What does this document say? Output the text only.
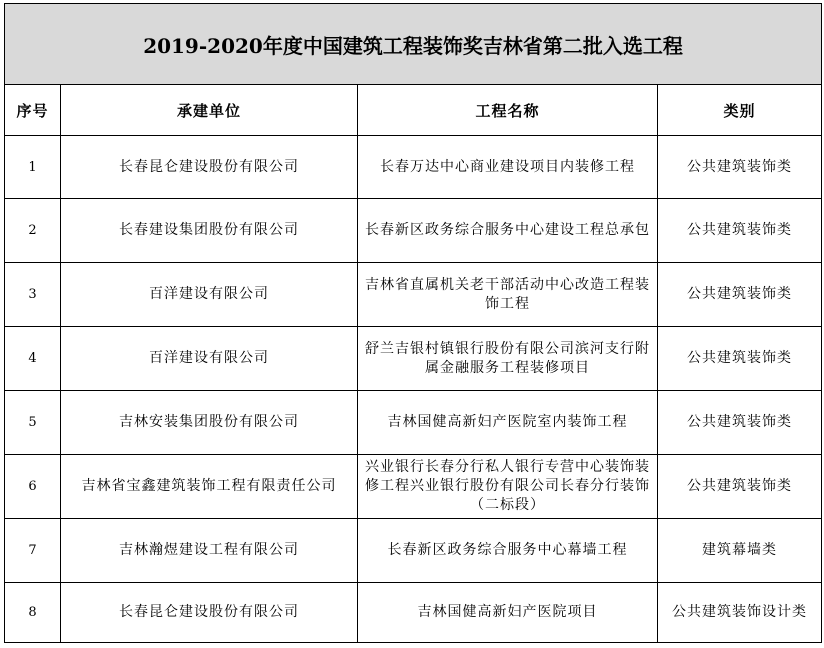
2019-2020年度中国建筑工程装饰奖吉林省第二批入选工程			
序号	承建单位	工程名称	类别
1	长春昆仑建设股份有限公司	长春万达中心商业建设项目内装修工程	公共建筑装饰类
2	长春建设集团股份有限公司	长春新区政务综合服务中心建设工程总承包	公共建筑装饰类
3	百洋建设有限公司	吉林省直属机关老干部活动中心改造工程装饰工程	公共建筑装饰类
4	百洋建设有限公司	舒兰吉银村镇银行股份有限公司滨河支行附属金融服务工程装修项目	公共建筑装饰类
5	吉林安装集团股份有限公司	吉林国健高新妇产医院室内装饰工程	公共建筑装饰类
6	吉林省宝鑫建筑装饰工程有限责任公司	兴业银行长春分行私人银行专营中心装饰装修工程兴业银行股份有限公司长春分行装饰（二标段）	公共建筑装饰类
7	吉林瀚煜建设工程有限公司	长春新区政务综合服务中心幕墙工程	建筑幕墙类
8	长春昆仑建设股份有限公司	吉林国健高新妇产医院项目	公共建筑装饰设计类
